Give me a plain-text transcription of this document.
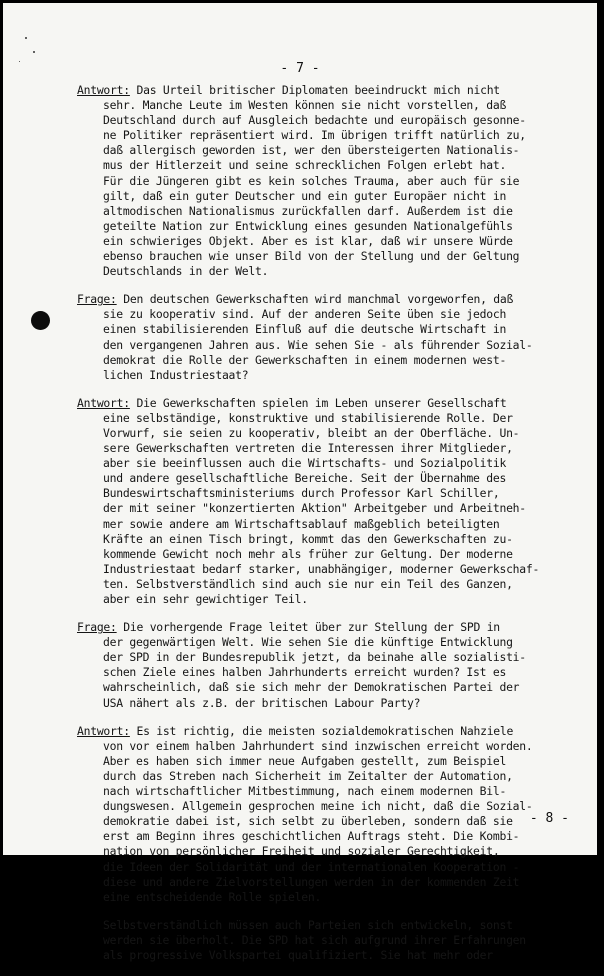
- 7 -
Antwort: Das Urteil britischer Diplomaten beeindruckt mich nicht
sehr. Manche Leute im Westen können sie nicht vorstellen, daß
Deutschland durch auf Ausgleich bedachte und europäisch gesonne-
ne Politiker repräsentiert wird. Im übrigen trifft natürlich zu,
daß allergisch geworden ist, wer den übersteigerten Nationalis-
mus der Hitlerzeit und seine schrecklichen Folgen erlebt hat.
Für die Jüngeren gibt es kein solches Trauma, aber auch für sie
gilt, daß ein guter Deutscher und ein guter Europäer nicht in
altmodischen Nationalismus zurückfallen darf. Außerdem ist die
geteilte Nation zur Entwicklung eines gesunden Nationalgefühls
ein schwieriges Objekt. Aber es ist klar, daß wir unsere Würde
ebenso brauchen wie unser Bild von der Stellung und der Geltung
Deutschlands in der Welt.
Frage: Den deutschen Gewerkschaften wird manchmal vorgeworfen, daß
sie zu kooperativ sind. Auf der anderen Seite üben sie jedoch
einen stabilisierenden Einfluß auf die deutsche Wirtschaft in
den vergangenen Jahren aus. Wie sehen Sie - als führender Sozial-
demokrat die Rolle der Gewerkschaften in einem modernen west-
lichen Industriestaat?
Antwort: Die Gewerkschaften spielen im Leben unserer Gesellschaft
eine selbständige, konstruktive und stabilisierende Rolle. Der
Vorwurf, sie seien zu kooperativ, bleibt an der Oberfläche. Un-
sere Gewerkschaften vertreten die Interessen ihrer Mitglieder,
aber sie beeinflussen auch die Wirtschafts- und Sozialpolitik
und andere gesellschaftliche Bereiche. Seit der Übernahme des
Bundeswirtschaftsministeriums durch Professor Karl Schiller,
der mit seiner "konzertierten Aktion" Arbeitgeber und Arbeitneh-
mer sowie andere am Wirtschaftsablauf maßgeblich beteiligten
Kräfte an einen Tisch bringt, kommt das den Gewerkschaften zu-
kommende Gewicht noch mehr als früher zur Geltung. Der moderne
Industriestaat bedarf starker, unabhängiger, moderner Gewerkschaf-
ten. Selbstverständlich sind auch sie nur ein Teil des Ganzen,
aber ein sehr gewichtiger Teil.
Frage: Die vorhergende Frage leitet über zur Stellung der SPD in
der gegenwärtigen Welt. Wie sehen Sie die künftige Entwicklung
der SPD in der Bundesrepublik jetzt, da beinahe alle sozialisti-
schen Ziele eines halben Jahrhunderts erreicht wurden? Ist es
wahrscheinlich, daß sie sich mehr der Demokratischen Partei der
USA nähert als z.B. der britischen Labour Party?
Antwort: Es ist richtig, die meisten sozialdemokratischen Nahziele
von vor einem halben Jahrhundert sind inzwischen erreicht worden.
Aber es haben sich immer neue Aufgaben gestellt, zum Beispiel
durch das Streben nach Sicherheit im Zeitalter der Automation,
nach wirtschaftlicher Mitbestimmung, nach einem modernen Bil-
dungswesen. Allgemein gesprochen meine ich nicht, daß die Sozial-
demokratie dabei ist, sich selbt zu überleben, sondern daß sie
erst am Beginn ihres geschichtlichen Auftrags steht. Die Kombi-
nation von persönlicher Freiheit und sozialer Gerechtigkeit,
die Ideen der Solidarität und der internationalen Kooperation -
diese und andere Zielvorstellungen werden in der kommenden Zeit
eine entscheidende Rolle spielen.
Selbstverständlich müssen auch Parteien sich entwickeln, sonst
werden sie überholt. Die SPD hat sich aufgrund ihrer Erfahrungen
als progressive Volkspartei qualifiziert. Sie hat mehr oder
- 8 -
